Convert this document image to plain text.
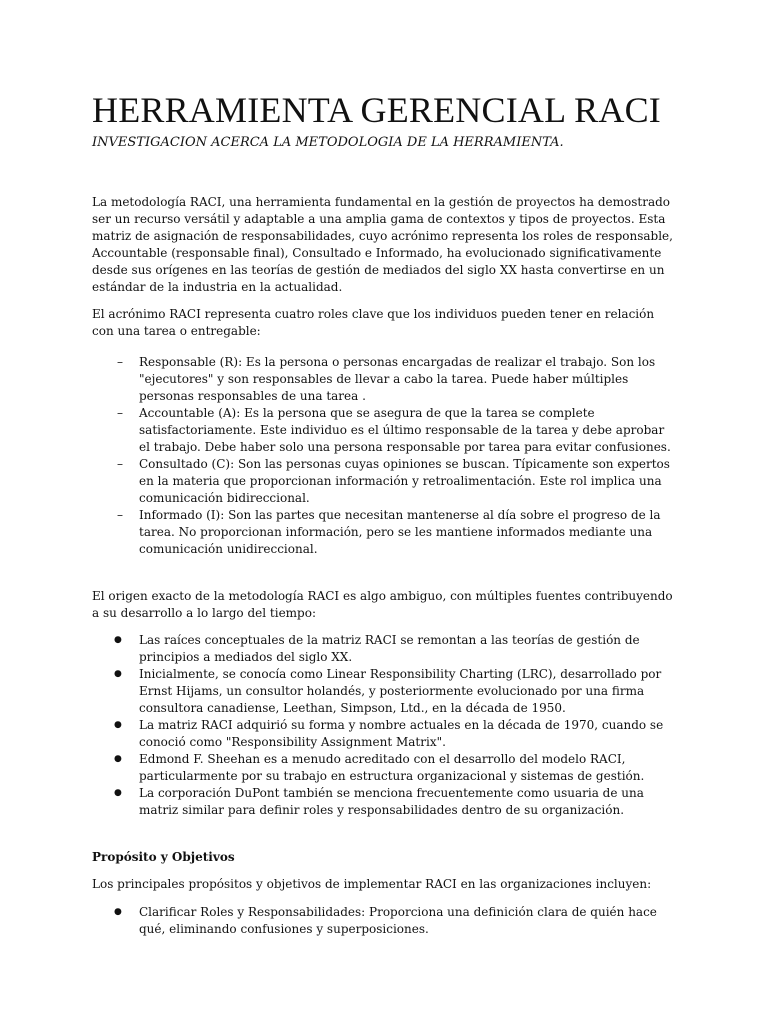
HERRAMIENTA GERENCIAL RACI
INVESTIGACION ACERCA LA METODOLOGIA DE LA HERRAMIENTA.

La metodología RACI, una herramienta fundamental en la gestión de proyectos ha demostrado ser un recurso versátil y adaptable a una amplia gama de contextos y tipos de proyectos. Esta matriz de asignación de responsabilidades, cuyo acrónimo representa los roles de responsable, Accountable (responsable final), Consultado e Informado, ha evolucionado significativamente desde sus orígenes en las teorías de gestión de mediados del siglo XX hasta convertirse en un estándar de la industria en la actualidad.

El acrónimo RACI representa cuatro roles clave que los individuos pueden tener en relación con una tarea o entregable:

– Responsable (R): Es la persona o personas encargadas de realizar el trabajo. Son los "ejecutores" y son responsables de llevar a cabo la tarea. Puede haber múltiples personas responsables de una tarea .
– Accountable (A): Es la persona que se asegura de que la tarea se complete satisfactoriamente. Este individuo es el último responsable de la tarea y debe aprobar el trabajo. Debe haber solo una persona responsable por tarea para evitar confusiones.
– Consultado (C): Son las personas cuyas opiniones se buscan. Típicamente son expertos en la materia que proporcionan información y retroalimentación. Este rol implica una comunicación bidireccional.
– Informado (I): Son las partes que necesitan mantenerse al día sobre el progreso de la tarea. No proporcionan información, pero se les mantiene informados mediante una comunicación unidireccional.

El origen exacto de la metodología RACI es algo ambiguo, con múltiples fuentes contribuyendo a su desarrollo a lo largo del tiempo:

● Las raíces conceptuales de la matriz RACI se remontan a las teorías de gestión de principios a mediados del siglo XX.
● Inicialmente, se conocía como Linear Responsibility Charting (LRC), desarrollado por Ernst Hijams, un consultor holandés, y posteriormente evolucionado por una firma consultora canadiense, Leethan, Simpson, Ltd., en la década de 1950.
● La matriz RACI adquirió su forma y nombre actuales en la década de 1970, cuando se conoció como "Responsibility Assignment Matrix".
● Edmond F. Sheehan es a menudo acreditado con el desarrollo del modelo RACI, particularmente por su trabajo en estructura organizacional y sistemas de gestión.
● La corporación DuPont también se menciona frecuentemente como usuaria de una matriz similar para definir roles y responsabilidades dentro de su organización.
Propósito y Objetivos

Los principales propósitos y objetivos de implementar RACI en las organizaciones incluyen:

● Clarificar Roles y Responsabilidades: Proporciona una definición clara de quién hace qué, eliminando confusiones y superposiciones.
